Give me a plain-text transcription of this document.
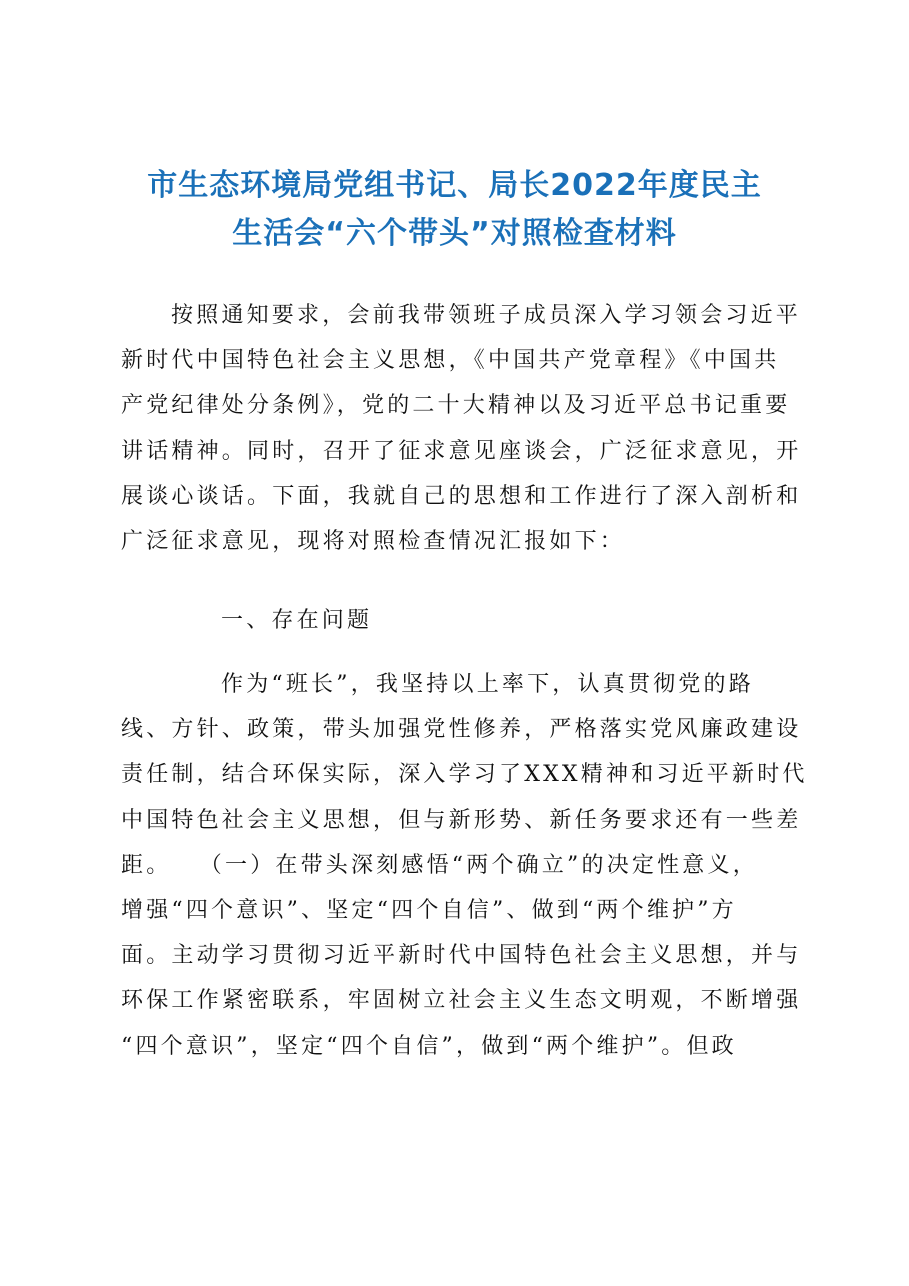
市生态环境局党组书记、局长2022年度民主
生活会“六个带头”对照检查材料
按照通知要求，会前我带领班子成员深入学习领会习近平
新时代中国特色社会主义思想，《中国共产党章程》《中国共
产党纪律处分条例》，党的二十大精神以及习近平总书记重要
讲话精神。同时，召开了征求意见座谈会，广泛征求意见，开
展谈心谈话。下面，我就自己的思想和工作进行了深入剖析和
广泛征求意见，现将对照检查情况汇报如下：
一、存在问题
作为“班长”，我坚持以上率下，认真贯彻党的路
线、方针、政策，带头加强党性修养，严格落实党风廉政建设
责任制，结合环保实际，深入学习了XXX精神和习近平新时代
中国特色社会主义思想，但与新形势、新任务要求还有一些差
距。　　（一）在带头深刻感悟“两个确立”的决定性意义，
增强“四个意识”、坚定“四个自信”、做到“两个维护”方
面。主动学习贯彻习近平新时代中国特色社会主义思想，并与
环保工作紧密联系，牢固树立社会主义生态文明观，不断增强
“四个意识”，坚定“四个自信”，做到“两个维护”。但政
